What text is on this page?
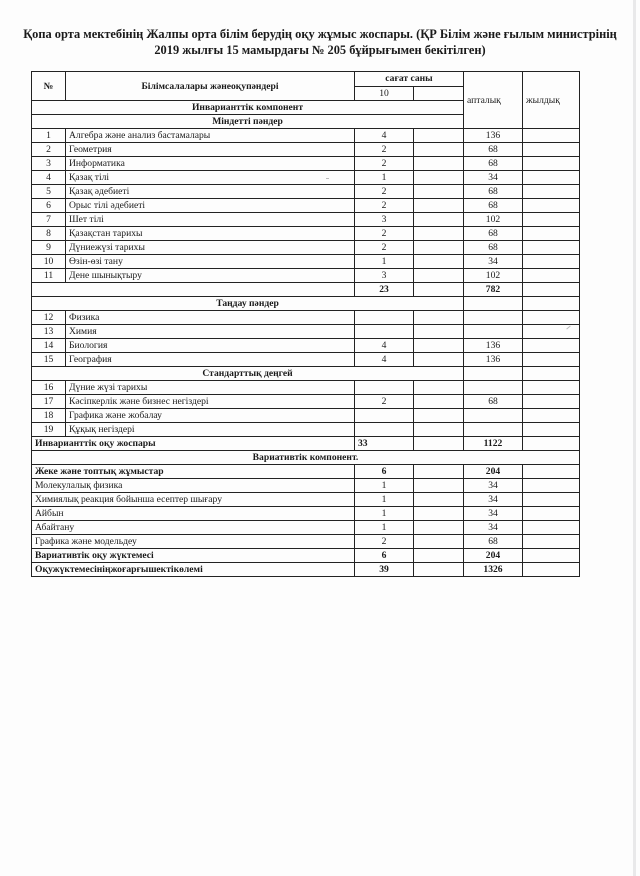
Қопа орта мектебінің Жалпы орта білім берудің оқу жұмыс жоспары. (ҚР Білім және ғылым министрінің 2019 жылғы 15 мамырдағы № 205 бұйрығымен бекітілген)
№	Білімсалалары жәнеоқупәндері	сағат саны		апталық	жылдық
		10			
Инварианттік компонент					
Міндетті пәндер					
1	Алгебра және анализ бастамалары	4		136	
2	Геометрия	2		68	
3	Информатика	2		68	
4	Қазақ тілі	1		34	
5	Қазақ әдебиеті	2		68	
6	Орыс тілі әдебиеті	2		68	
7	Шет тілі	3		102	
8	Қазақстан тарихы	2		68	
9	Дүниежүзі тарихы	2		68	
10	Өзін-өзі тану	1		34	
11	Дене шынықтыру	3		102	
		23		782	
Таңдау пәндер					
12	Физика				
13	Химия				
14	Биология	4		136	
15	География	4		136	
Стандарттық деңгей					
16	Дүние жүзі тарихы				
17	Кәсіпкерлік және бизнес негіздері	2		68	
18	Графика және жобалау				
19	Құқық негіздері				
Инварианттік оқу жоспары		33		1122	
Вариативтік компонент.					
Жеке және топтық жұмыстар		6		204	
Молекулалық физика		1		34	
Химиялық реакция бойынша есептер шығару		1		34	
Айбын		1		34	
Абайтану		1		34	
Графика және модельдеу		2		68	
Вариативтік оқу жүктемесі		6		204	
Оқужүктемесініңжоғарғышектікөлемі		39		1326	
